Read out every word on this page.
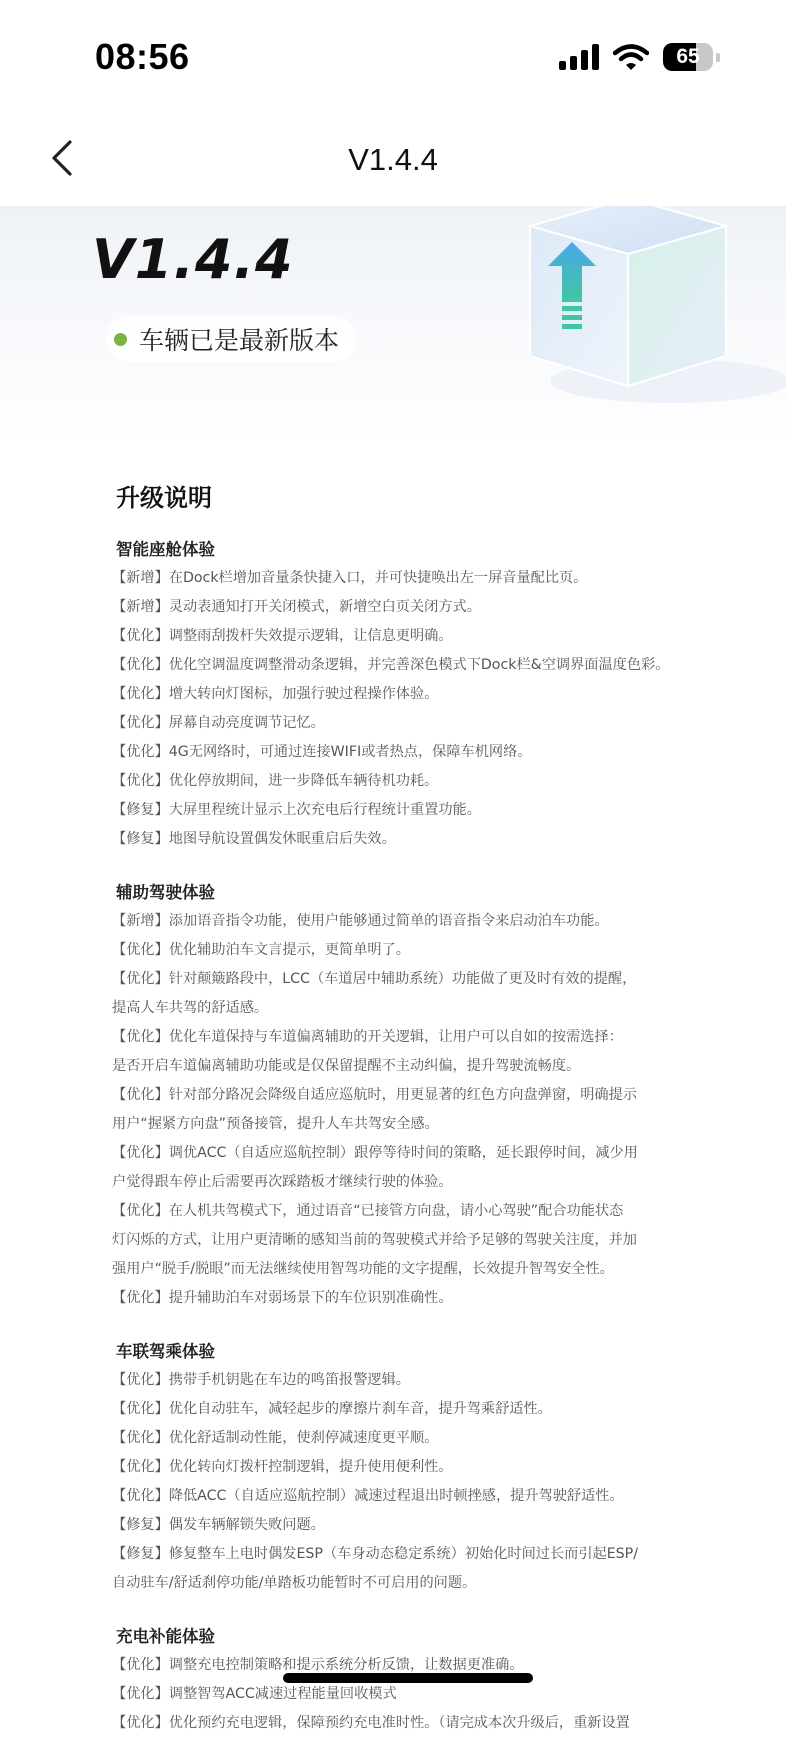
08:56	65
V1.4.4
V1.4.4
车辆已是最新版本
升级说明
智能座舱体验
【新增】在Dock栏增加音量条快捷入口，并可快捷唤出左一屏音量配比页。
【新增】灵动表通知打开关闭模式，新增空白页关闭方式。
【优化】调整雨刮拨杆失效提示逻辑，让信息更明确。
【优化】优化空调温度调整滑动条逻辑，并完善深色模式下Dock栏&空调界面温度色彩。
【优化】增大转向灯图标，加强行驶过程操作体验。
【优化】屏幕自动亮度调节记忆。
【优化】4G无网络时，可通过连接WIFI或者热点，保障车机网络。
【优化】优化停放期间，进一步降低车辆待机功耗。
【修复】大屏里程统计显示上次充电后行程统计重置功能。
【修复】地图导航设置偶发休眠重启后失效。
辅助驾驶体验
【新增】添加语音指令功能，使用户能够通过简单的语音指令来启动泊车功能。
【优化】优化辅助泊车文言提示，更简单明了。
【优化】针对颠簸路段中，LCC（车道居中辅助系统）功能做了更及时有效的提醒，
提高人车共驾的舒适感。
【优化】优化车道保持与车道偏离辅助的开关逻辑，让用户可以自如的按需选择：
是否开启车道偏离辅助功能或是仅保留提醒不主动纠偏，提升驾驶流畅度。
【优化】针对部分路况会降级自适应巡航时，用更显著的红色方向盘弹窗，明确提示
用户“握紧方向盘”预备接管，提升人车共驾安全感。
【优化】调优ACC（自适应巡航控制）跟停等待时间的策略，延长跟停时间，减少用
户觉得跟车停止后需要再次踩踏板才继续行驶的体验。
【优化】在人机共驾模式下，通过语音“已接管方向盘，请小心驾驶”配合功能状态
灯闪烁的方式，让用户更清晰的感知当前的驾驶模式并给予足够的驾驶关注度，并加
强用户“脱手/脱眼”而无法继续使用智驾功能的文字提醒，长效提升智驾安全性。
【优化】提升辅助泊车对弱场景下的车位识别准确性。
车联驾乘体验
【优化】携带手机钥匙在车边的鸣笛报警逻辑。
【优化】优化自动驻车，减轻起步的摩擦片刹车音，提升驾乘舒适性。
【优化】优化舒适制动性能，使刹停减速度更平顺。
【优化】优化转向灯拨杆控制逻辑，提升使用便利性。
【优化】降低ACC（自适应巡航控制）减速过程退出时顿挫感，提升驾驶舒适性。
【修复】偶发车辆解锁失败问题。
【修复】修复整车上电时偶发ESP（车身动态稳定系统）初始化时间过长而引起ESP/
自动驻车/舒适刹停功能/单踏板功能暂时不可启用的问题。
充电补能体验
【优化】调整充电控制策略和提示系统分析反馈，让数据更准确。
【优化】调整智驾ACC减速过程能量回收模式
【优化】优化预约充电逻辑，保障预约充电准时性。（请完成本次升级后，重新设置
